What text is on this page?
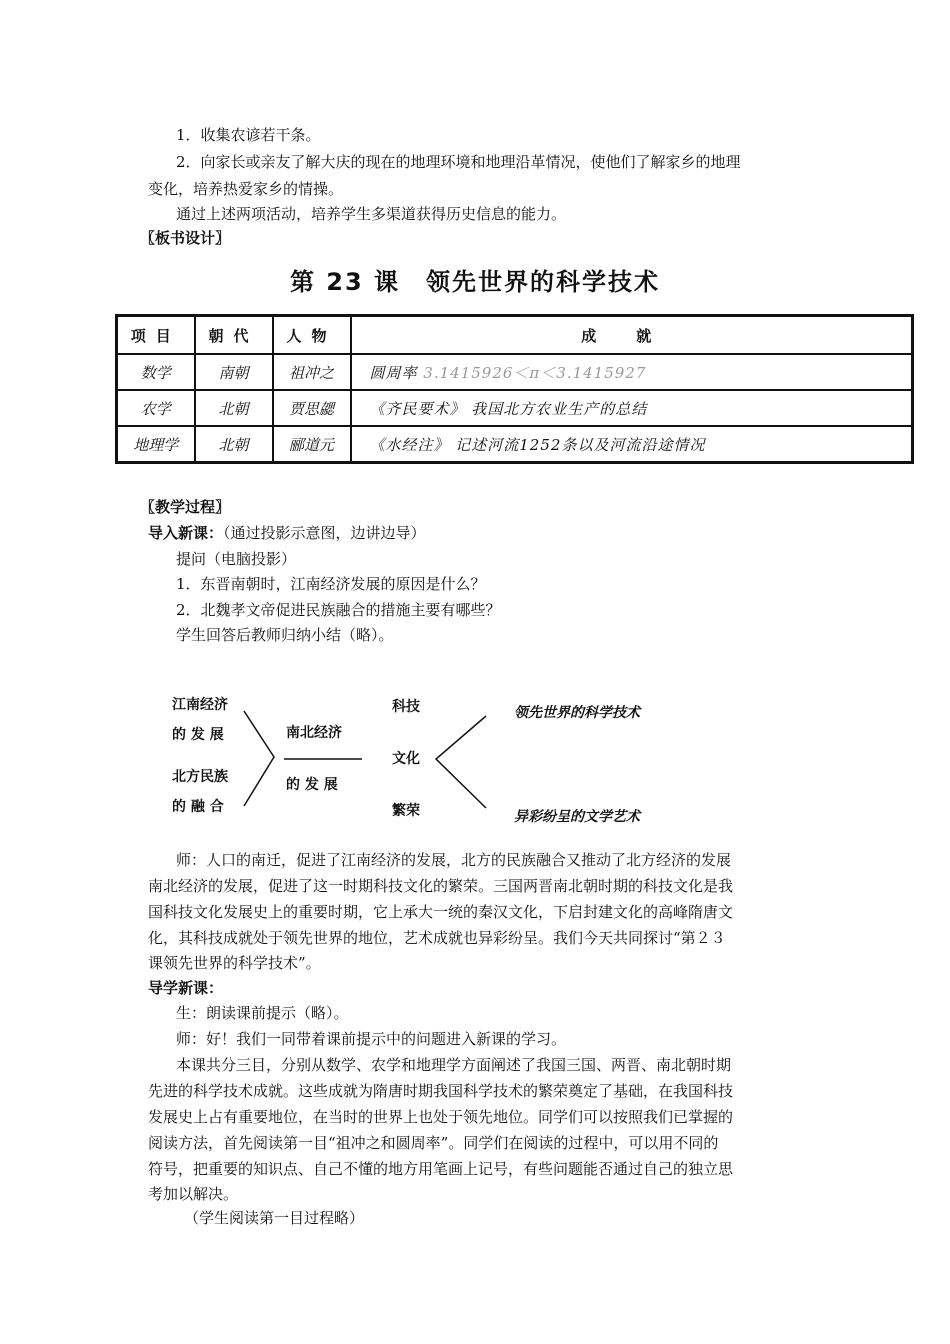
1．收集农谚若干条。
2．向家长或亲友了解大庆的现在的地理环境和地理沿革情况，使他们了解家乡的地理
变化，培养热爱家乡的情操。
通过上述两项活动，培养学生多渠道获得历史信息的能力。
〖板书设计〗
第 23 课 领先世界的科学技术
项目	朝代	人物	成就
数学	南朝	祖冲之	圆周率 3.1415926＜π＜3.1415927
农学	北朝	贾思勰	《齐民要术》 我国北方农业生产的总结
地理学	北朝	郦道元	《水经注》 记述河流1252条以及河流沿途情况
〖教学过程〗
导入新课：（通过投影示意图，边讲边导）
提问（电脑投影）
1．东晋南朝时，江南经济发展的原因是什么？
2．北魏孝文帝促进民族融合的措施主要有哪些？
学生回答后教师归纳小结（略）。
江南经济
的 发 展
北方民族
的 融 合
南北经济
的 发 展
科技
文化
繁荣
领先世界的科学技术
异彩纷呈的文学艺术
师：人口的南迁，促进了江南经济的发展，北方的民族融合又推动了北方经济的发展
南北经济的发展，促进了这一时期科技文化的繁荣。三国两晋南北朝时期的科技文化是我
国科技文化发展史上的重要时期，它上承大一统的秦汉文化，下启封建文化的高峰隋唐文
化，其科技成就处于领先世界的地位，艺术成就也异彩纷呈。我们今天共同探讨“第２３
课领先世界的科学技术”。
导学新课：
生：朗读课前提示（略）。
师：好！我们一同带着课前提示中的问题进入新课的学习。
本课共分三目，分别从数学、农学和地理学方面阐述了我国三国、两晋、南北朝时期
先进的科学技术成就。这些成就为隋唐时期我国科学技术的繁荣奠定了基础，在我国科技
发展史上占有重要地位，在当时的世界上也处于领先地位。同学们可以按照我们已掌握的
阅读方法，首先阅读第一目“祖冲之和圆周率”。同学们在阅读的过程中，可以用不同的
符号，把重要的知识点、自己不懂的地方用笔画上记号，有些问题能否通过自己的独立思
考加以解决。
（学生阅读第一目过程略）
